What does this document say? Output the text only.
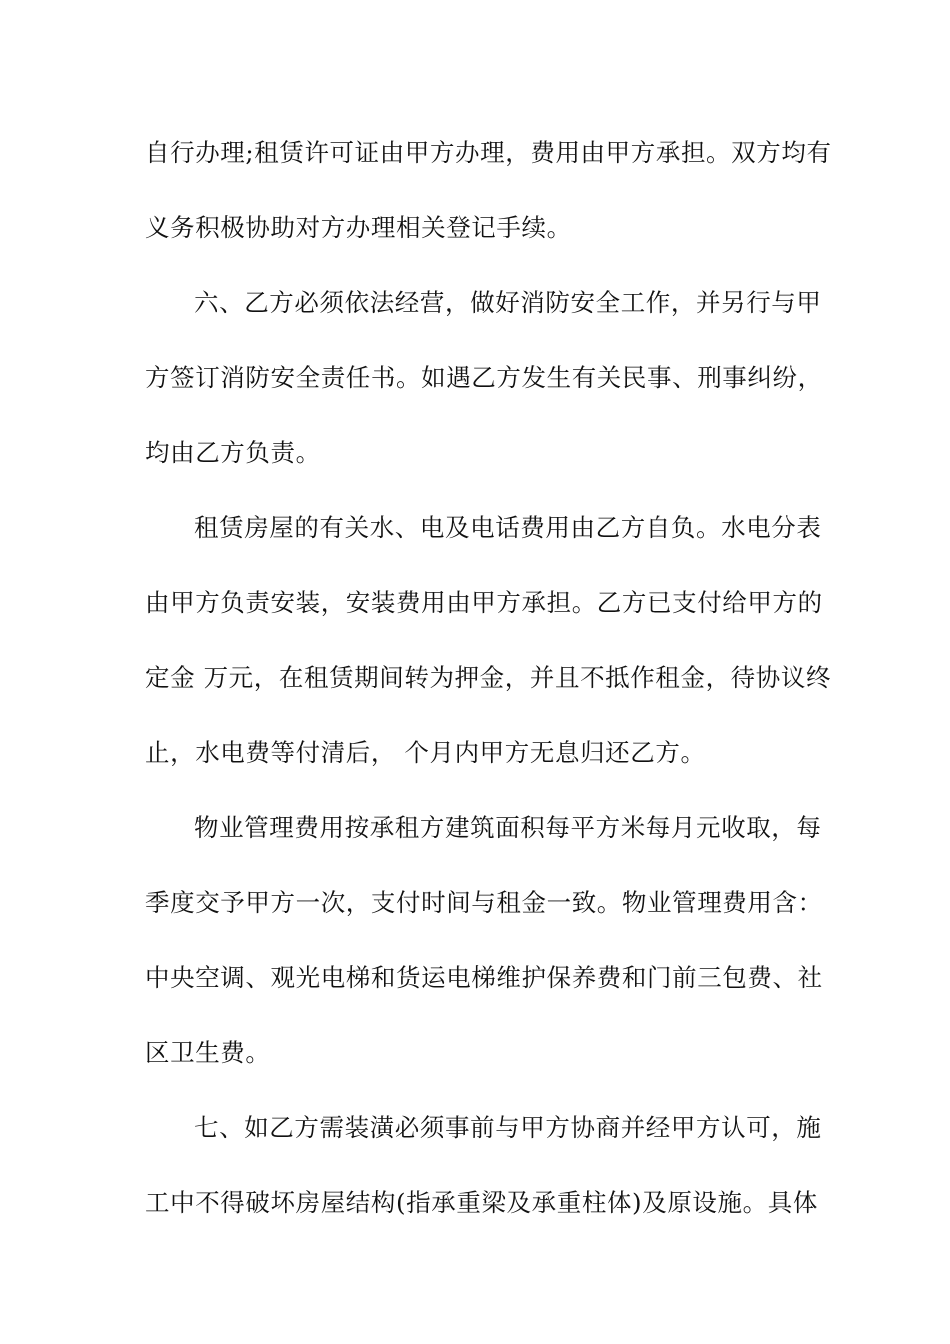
自行办理;租赁许可证由甲方办理，费用由甲方承担。双方均有
义务积极协助对方办理相关登记手续。
六、乙方必须依法经营，做好消防安全工作，并另行与甲
方签订消防安全责任书。如遇乙方发生有关民事、刑事纠纷，
均由乙方负责。
租赁房屋的有关水、电及电话费用由乙方自负。水电分表
由甲方负责安装，安装费用由甲方承担。乙方已支付给甲方的
定金 万元，在租赁期间转为押金，并且不抵作租金，待协议终
止，水电费等付清后， 个月内甲方无息归还乙方。
物业管理费用按承租方建筑面积每平方米每月元收取，每
季度交予甲方一次，支付时间与租金一致。物业管理费用含：
中央空调、观光电梯和货运电梯维护保养费和门前三包费、社
区卫生费。
七、如乙方需装潢必须事前与甲方协商并经甲方认可，施
工中不得破坏房屋结构(指承重梁及承重柱体)及原设施。具体
